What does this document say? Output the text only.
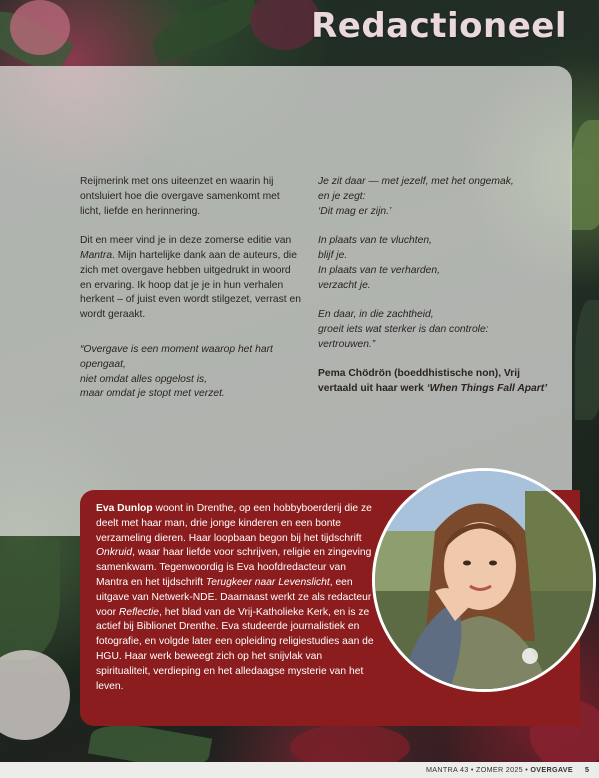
Redactioneel

Reijmerink met ons uiteenzet en waarin hij ontsluiert hoe die overgave samenkomt met licht, liefde en herinnering.

Dit en meer vind je in deze zomerse editie van Mantra. Mijn hartelijke dank aan de auteurs, die zich met overgave hebben uitgedrukt in woord en ervaring. Ik hoop dat je je in hun verhalen herkent – of juist even wordt stilgezet, verrast en wordt geraakt.

“Overgave is een moment waarop het hart opengaat,
niet omdat alles opgelost is,
maar omdat je stopt met verzet.

Je zit daar — met jezelf, met het ongemak,
en je zegt:
‘Dit mag er zijn.’

In plaats van te vluchten,
blijf je.
In plaats van te verharden,
verzacht je.

En daar, in die zachtheid,
groeit iets wat sterker is dan controle:
vertrouwen.”

Pema Chödrön (boeddhistische non), Vrij vertaald uit haar werk ‘When Things Fall Apart’

Eva Dunlop woont in Drenthe, op een hobbyboerderij die ze deelt met haar man, drie jonge kinderen en een bonte verzameling dieren. Haar loopbaan begon bij het tijdschrift Onkruid, waar haar liefde voor schrijven, religie en zingeving samenkwam. Tegenwoordig is Eva hoofdredacteur van Mantra en het tijdschrift Terugkeer naar Levenslicht, een uitgave van Netwerk-NDE. Daarnaast werkt ze als redacteur voor Reflectie, het blad van de Vrij-Katholieke Kerk, en is ze actief bij Biblionet Drenthe. Eva studeerde journalistiek en fotografie, en volgde later een opleiding religiestudies aan de HGU. Haar werk beweegt zich op het snijvlak van spiritualiteit, verdieping en het alledaagse mysterie van het leven.
MANTRA 43 • ZOMER 2025 • OVERGAVE 5
